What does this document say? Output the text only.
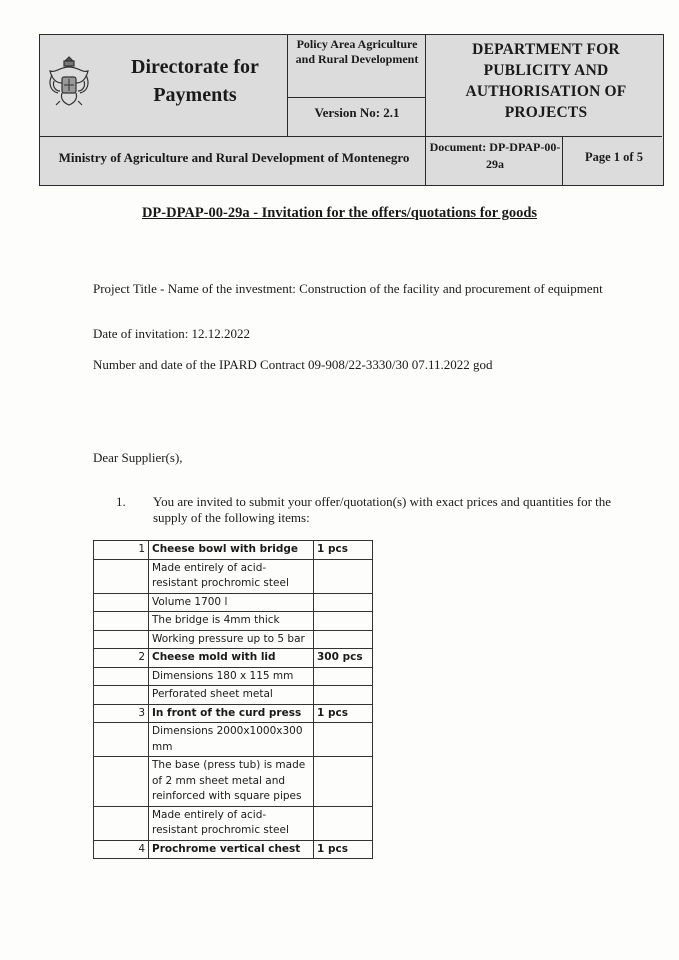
Directorate for Payments
Policy Area Agriculture and Rural Development
Version No: 2.1
DEPARTMENT FOR PUBLICITY AND AUTHORISATION OF PROJECTS
Ministry of Agriculture and Rural Development of Montenegro
Document: DP-DPAP-00-29a	Page 1 of 5
DP-DPAP-00-29a - Invitation for the offers/quotations for goods
Project Title - Name of the investment: Construction of the facility and procurement of equipment
Date of invitation: 12.12.2022
Number and date of the IPARD Contract 09-908/22-3330/30 07.11.2022 god
Dear Supplier(s),
1. You are invited to submit your offer/quotation(s) with exact prices and quantities for the supply of the following items:
1	Cheese bowl with bridge	1 pcs
	Made entirely of acid-resistant prochromic steel	
	Volume 1700 l	
	The bridge is 4mm thick	
	Working pressure up to 5 bar	
2	Cheese mold with lid	300 pcs
	Dimensions 180 x 115 mm	
	Perforated sheet metal	
3	In front of the curd press	1 pcs
	Dimensions 2000x1000x300 mm	
	The base (press tub) is made of 2 mm sheet metal and reinforced with square pipes	
	Made entirely of acid-resistant prochromic steel	
4	Prochrome vertical chest	1 pcs
